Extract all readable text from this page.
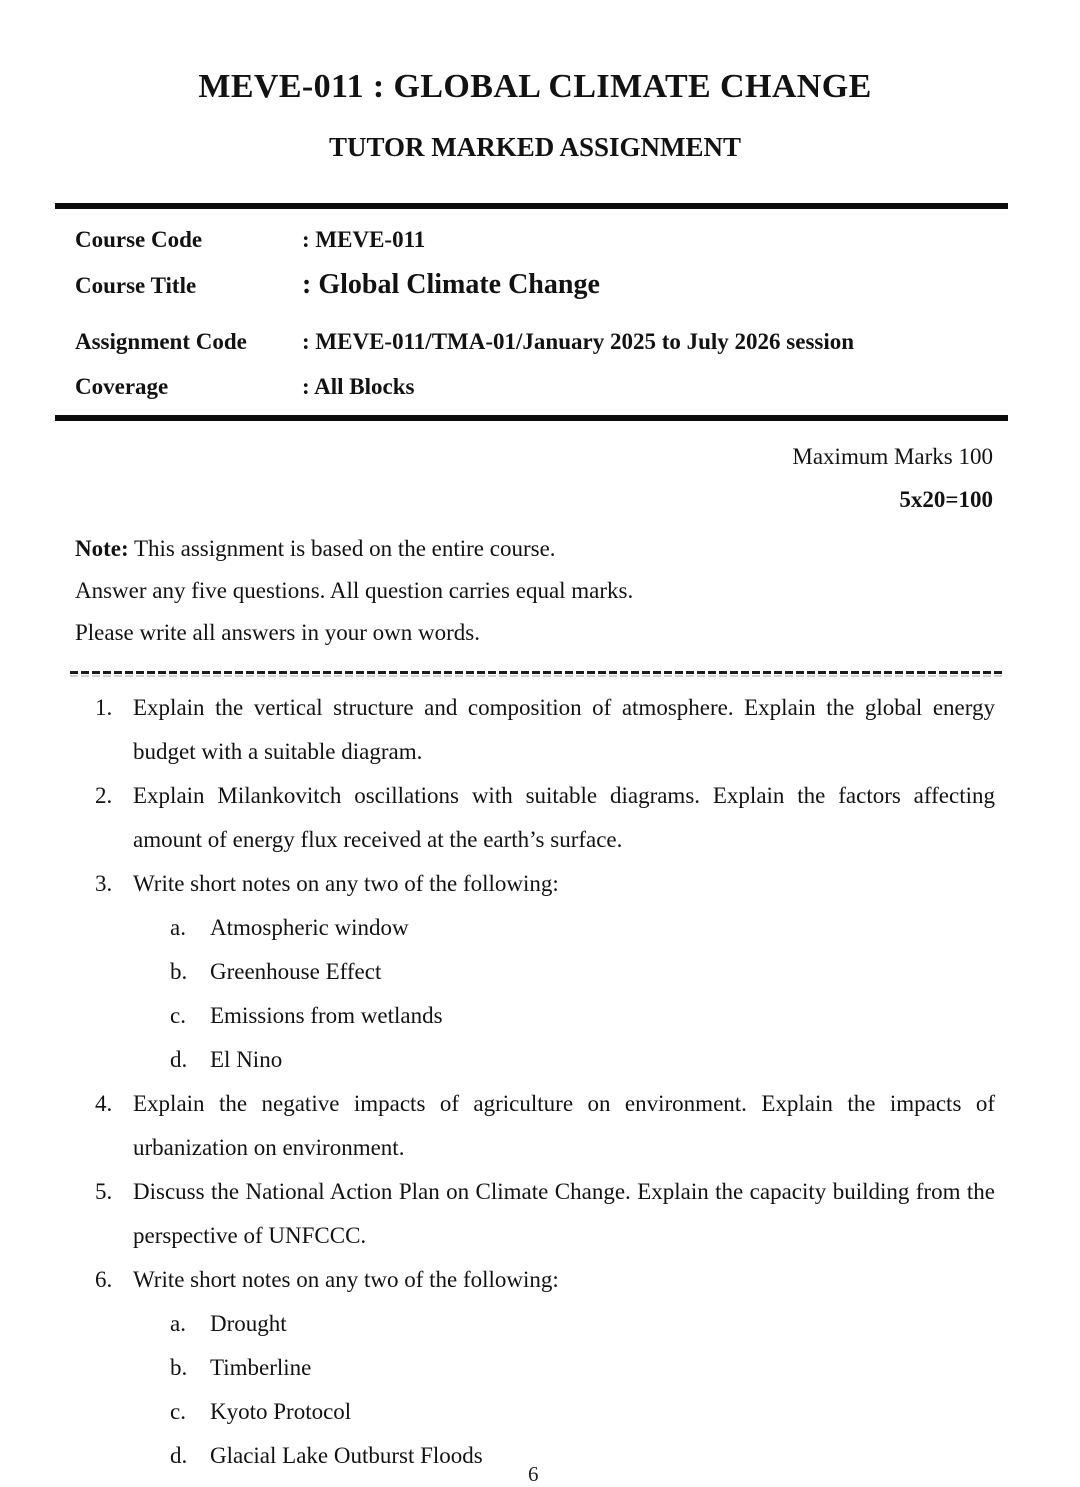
MEVE-011 : GLOBAL CLIMATE CHANGE
TUTOR MARKED ASSIGNMENT
Course Code	: MEVE-011
Course Title	: Global Climate Change
Assignment Code	: MEVE-011/TMA-01/January 2025 to July 2026 session
Coverage	: All Blocks
Maximum Marks 100
5x20=100
Note: This assignment is based on the entire course.
Answer any five questions. All question carries equal marks.
Please write all answers in your own words.
1. Explain the vertical structure and composition of atmosphere. Explain the global energy budget with a suitable diagram.
2. Explain Milankovitch oscillations with suitable diagrams. Explain the factors affecting amount of energy flux received at the earth’s surface.
3. Write short notes on any two of the following:
a.	Atmospheric window
b. Greenhouse Effect
c.	Emissions from wetlands
d. El Nino
4. Explain the negative impacts of agriculture on environment. Explain the impacts of urbanization on environment.
5. Discuss the National Action Plan on Climate Change. Explain the capacity building from the perspective of UNFCCC.
6. Write short notes on any two of the following:
a.	Drought
b. Timberline
c.	Kyoto Protocol
d. Glacial Lake Outburst Floods
6
